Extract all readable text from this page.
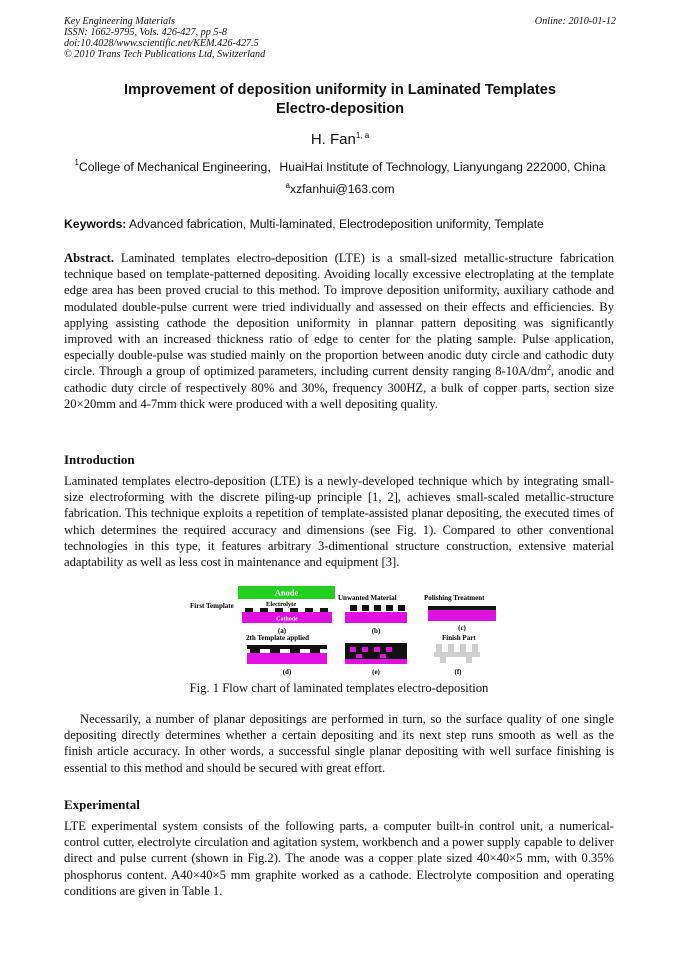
Key Engineering Materials
ISSN: 1662-9795, Vols. 426-427, pp 5-8
doi:10.4028/www.scientific.net/KEM.426-427.5
© 2010 Trans Tech Publications Ltd, Switzerland
Online: 2010-01-12
Improvement of deposition uniformity in Laminated Templates
Electro-deposition
H. Fan$^{1, a}$
$^1$College of Mechanical Engineering，HuaiHai Institute of Technology, Lianyungang 222000, China
$^a$xzfanhui@163.com
Keywords: Advanced fabrication, Multi-laminated, Electrodeposition uniformity, Template
Abstract. Laminated templates electro-deposition (LTE) is a small-sized metallic-structure fabrication technique based on template-patterned depositing. Avoiding locally excessive electroplating at the template edge area has been proved crucial to this method. To improve deposition uniformity, auxiliary cathode and modulated double-pulse current were tried individually and assessed on their effects and efficiencies. By applying assisting cathode the deposition uniformity in plannar pattern depositing was significantly improved with an increased thickness ratio of edge to center for the plating sample. Pulse application, especially double-pulse was studied mainly on the proportion between anodic duty circle and cathodic duty circle. Through a group of optimized parameters, including current density ranging $8-10A/dm^2$, anodic and cathodic duty circle of respectively 80% and 30%, frequency 300HZ, a bulk of copper parts, section size 20×20mm and 4-7mm thick were produced with a well depositing quality.
Introduction
Laminated templates electro-deposition (LTE) is a newly-developed technique which by integrating small-size electroforming with the discrete piling-up principle [1, 2], achieves small-scaled metallic-structure fabrication. This technique exploits a repetition of template-assisted planar depositing, the executed times of which determines the required accuracy and dimensions (see Fig. 1). Compared to other conventional technologies in this type, it features arbitrary 3-dimentional structure construction, extensive material adaptability as well as less cost in maintenance and equipment [3].
Anode
First Template	Electrolyte
Cathode
(a)
Unwanted Material
(b)
Polishing Treatment
(c)
2th Template applied
(d)	(e)
Finish Part
(f)
Fig. 1 Flow chart of laminated templates electro-deposition
Necessarily, a number of planar depositings are performed in turn, so the surface quality of one single depositing directly determines whether a certain depositing and its next step runs smooth as well as the finish article accuracy. In other words, a successful single planar depositing with well surface finishing is essential to this method and should be secured with great effort.
Experimental
LTE experimental system consists of the following parts, a computer built-in control unit, a numerical-control cutter, electrolyte circulation and agitation system, workbench and a power supply capable to deliver direct and pulse current (shown in Fig.2). The anode was a copper plate sized 40×40×5 mm, with 0.35% phosphorus content. A40×40×5 mm graphite worked as a cathode. Electrolyte composition and operating conditions are given in Table 1.
